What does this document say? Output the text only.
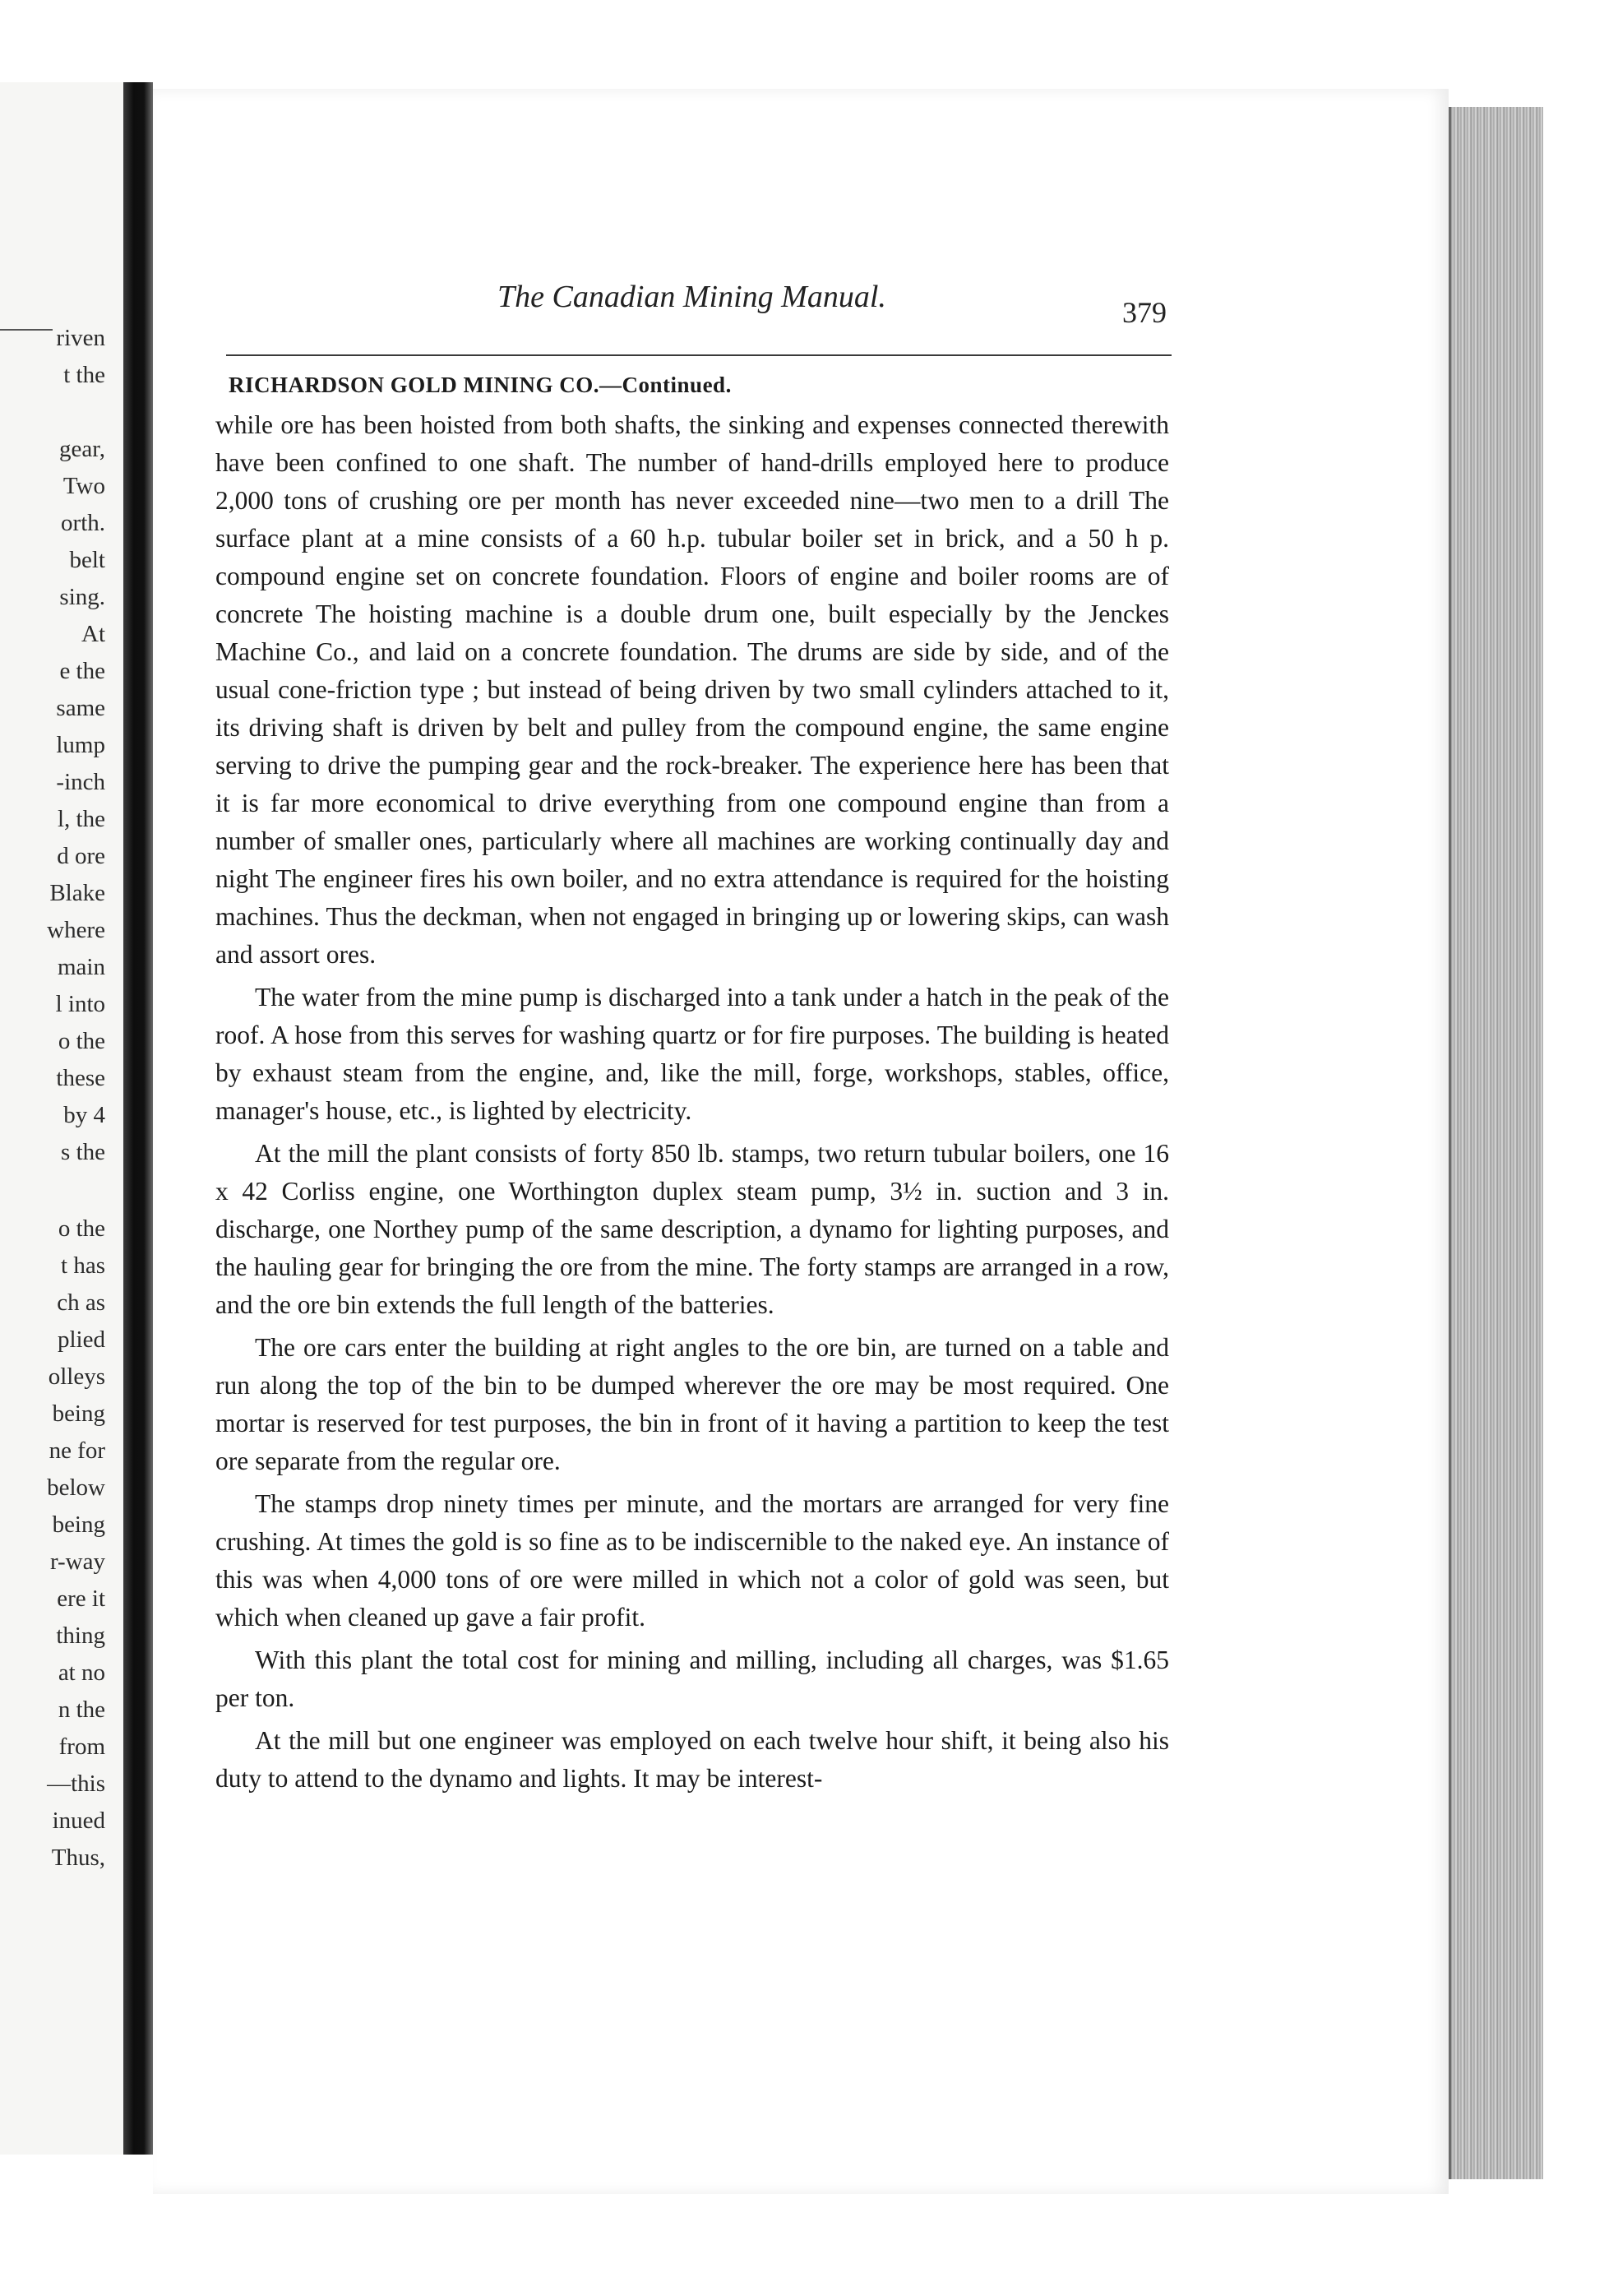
riven
t the
gear,
Two
orth.
belt
sing.
At
e the
same
lump
-inch
l, the
d ore
Blake
where
main
l into
o the
these
by 4
s the
o the
t has
ch as
plied
olleys
being
ne for
below
being
r-way
ere it
thing
at no
n the
from
—this
inued
Thus,
The Canadian Mining Manual.	379
RICHARDSON GOLD MINING CO.—Continued.

while ore has been hoisted from both shafts, the sinking and expenses connected therewith have been confined to one shaft. The number of hand-drills employed here to produce 2,000 tons of crushing ore per month has never exceeded nine—two men to a drill The surface plant at a mine consists of a 60 h.p. tubular boiler set in brick, and a 50 h p. compound engine set on concrete foundation. Floors of engine and boiler rooms are of concrete The hoisting machine is a double drum one, built especially by the Jenckes Machine Co., and laid on a concrete foundation. The drums are side by side, and of the usual cone-friction type ; but instead of being driven by two small cylinders attached to it, its driving shaft is driven by belt and pulley from the compound engine, the same engine serving to drive the pumping gear and the rock-breaker. The experience here has been that it is far more economical to drive everything from one compound engine than from a number of smaller ones, particularly where all machines are working continually day and night The engineer fires his own boiler, and no extra attendance is required for the hoisting machines. Thus the deckman, when not engaged in bringing up or lowering skips, can wash and assort ores.

The water from the mine pump is discharged into a tank under a hatch in the peak of the roof. A hose from this serves for washing quartz or for fire purposes. The building is heated by exhaust steam from the engine, and, like the mill, forge, workshops, stables, office, manager's house, etc., is lighted by electricity.

At the mill the plant consists of forty 850 lb. stamps, two return tubular boilers, one 16 x 42 Corliss engine, one Worthington duplex steam pump, 3½ in. suction and 3 in. discharge, one Northey pump of the same description, a dynamo for lighting purposes, and the hauling gear for bringing the ore from the mine. The forty stamps are arranged in a row, and the ore bin extends the full length of the batteries.

The ore cars enter the building at right angles to the ore bin, are turned on a table and run along the top of the bin to be dumped wherever the ore may be most required. One mortar is reserved for test purposes, the bin in front of it having a partition to keep the test ore separate from the regular ore.

The stamps drop ninety times per minute, and the mortars are arranged for very fine crushing. At times the gold is so fine as to be indiscernible to the naked eye. An instance of this was when 4,000 tons of ore were milled in which not a color of gold was seen, but which when cleaned up gave a fair profit.

With this plant the total cost for mining and milling, including all charges, was $1.65 per ton.

At the mill but one engineer was employed on each twelve hour shift, it being also his duty to attend to the dynamo and lights. It may be interest-
